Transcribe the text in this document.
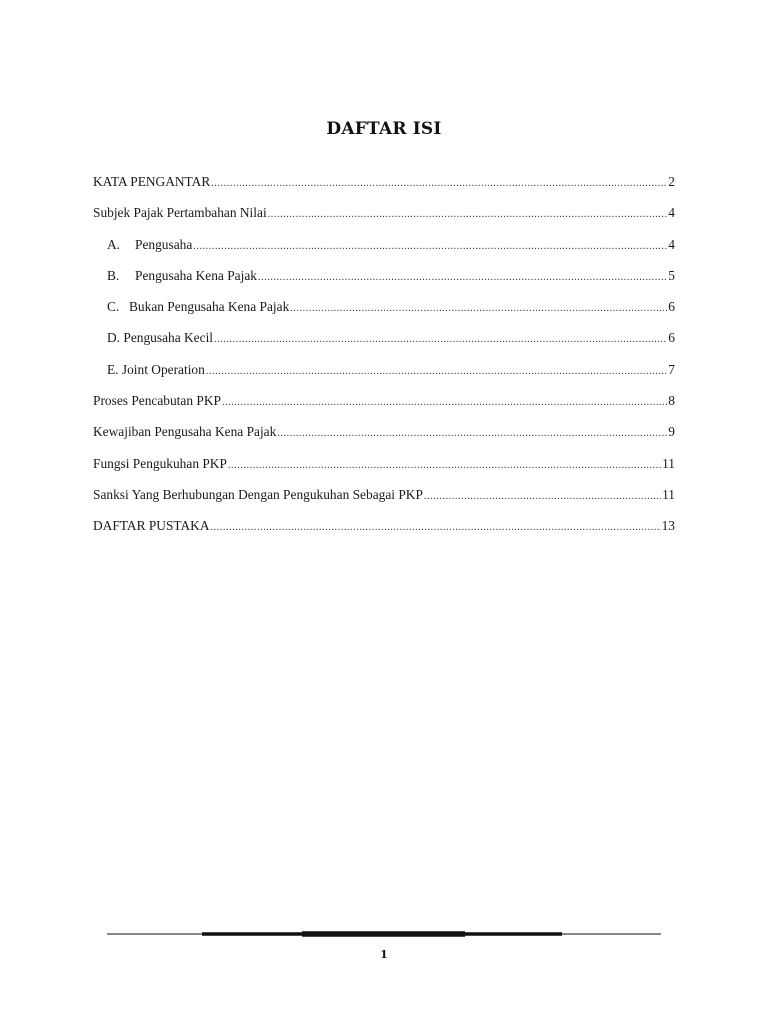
DAFTAR ISI
KATA PENGANTAR .....	2
Subjek Pajak Pertambahan Nilai .....	4
A. Pengusaha .....	4
B. Pengusaha Kena Pajak .....	5
C. Bukan Pengusaha Kena Pajak .....	6
D. Pengusaha Kecil .....	6
E. Joint Operation .....	7
Proses Pencabutan PKP .....	8
Kewajiban Pengusaha Kena Pajak .....	9
Fungsi Pengukuhan PKP .....	11
Sanksi Yang Berhubungan Dengan Pengukuhan Sebagai PKP .....	11
DAFTAR PUSTAKA .....	13
1
